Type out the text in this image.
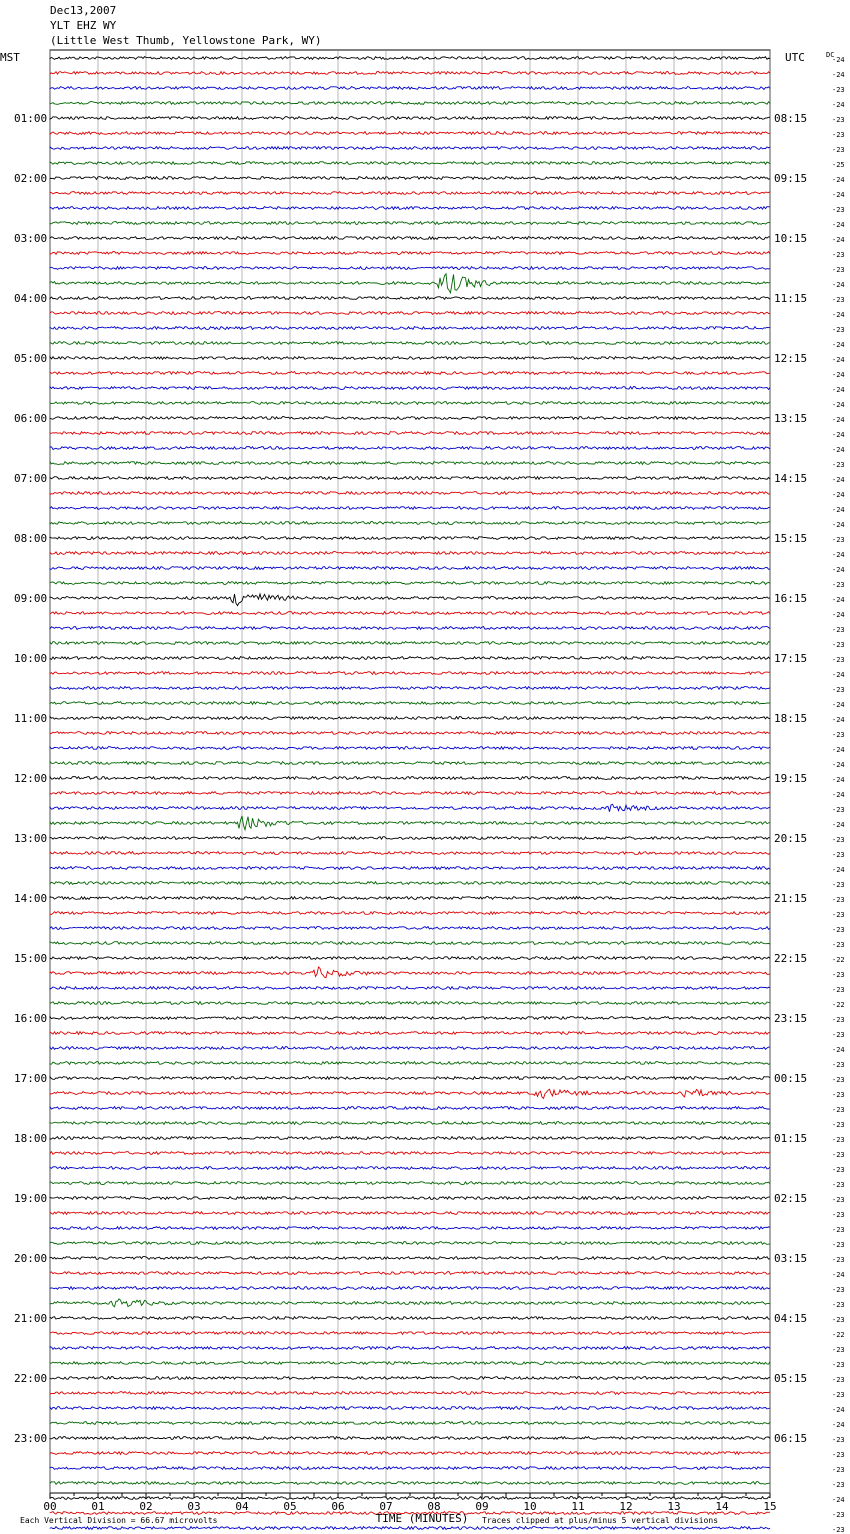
Dec13,2007
YLT EHZ WY
(Little West Thumb, Yellowstone Park, WY)
00	01	02	03	04	05	06	07	08	09	10	11	12	13	14	15
MST	UTC	DC
01:00
02:00
03:00
04:00
05:00
06:00
07:00
08:00
09:00
10:00
11:00
12:00
13:00
14:00
15:00
16:00
17:00
18:00
19:00
20:00
21:00
22:00
23:00
08:15
09:15
10:15
11:15
12:15
13:15
14:15
15:15
16:15
17:15
18:15
19:15
20:15
21:15
22:15
23:15
00:15
01:15
02:15
03:15
04:15
05:15
06:15
-24
-24
-23
-24
-23
-23
-23
-25
-24
-24
-23
-24
-24
-23
-23
-24
-23
-24
-23
-24
-24
-24
-24
-24
-24
-24
-24
-23
-24
-24
-24
-24
-23
-24
-24
-23
-24
-24
-23
-23
-23
-24
-23
-24
-24
-23
-24
-24
-24
-24
-23
-24
-23
-23
-24
-23
-23
-23
-23
-23
-22
-23
-23
-22
-23
-23
-24
-23
-23
-23
-23
-23
-23
-23
-23
-23
-23
-23
-23
-23
-23
-24
-23
-23
-23
-22
-23
-23
-23
-23
-24
-24
-23
-23
-23
-23
-24
-23
-23
TIME (MINUTES)
Each Vertical Division = 66.67 microvolts	Traces clipped at plus/minus 5 vertical divisions
